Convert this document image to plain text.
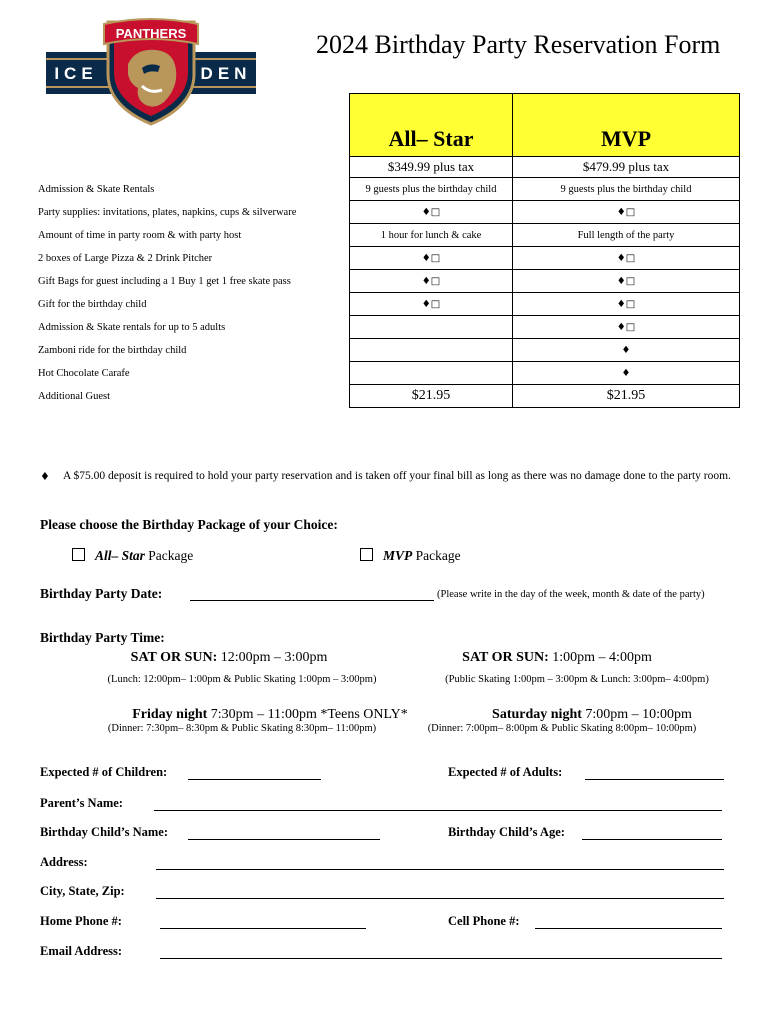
PANTHERS
ICE	DEN
2024 Birthday Party Reservation Form
	All– Star	MVP
	$349.99 plus tax	$479.99 plus tax
Admission & Skate Rentals	9 guests plus the birthday child	9 guests plus the birthday child
Party supplies: invitations, plates, napkins, cups & silverware	♦□	♦□
Amount of time in party room & with party host	1 hour for lunch & cake	Full length of the party
2 boxes of Large Pizza & 2 Drink Pitcher	♦□	♦□
Gift Bags for guest including a 1 Buy 1 get 1 free skate pass	♦□	♦□
Gift for the birthday child	♦□	♦□
Admission & Skate rentals for up to 5 adults		♦□
Zamboni ride for the birthday child		♦
Hot Chocolate Carafe		♦
Additional Guest	$21.95	$21.95
♦ A $75.00 deposit is required to hold your party reservation and is taken off your final bill as long as there was no damage done to the party room.
Please choose the Birthday Package of your Choice:
All– Star Package	MVP Package
Birthday Party Date:	(Please write in the day of the week, month & date of the party)
Birthday Party Time:
SAT OR SUN: 12:00pm – 3:00pm
(Lunch: 12:00pm– 1:00pm & Public Skating 1:00pm – 3:00pm)
SAT OR SUN: 1:00pm – 4:00pm
(Public Skating 1:00pm – 3:00pm & Lunch: 3:00pm– 4:00pm)
Friday night 7:30pm – 11:00pm *Teens ONLY*
(Dinner: 7:30pm– 8:30pm & Public Skating 8:30pm– 11:00pm)
Saturday night 7:00pm – 10:00pm
(Dinner: 7:00pm– 8:00pm & Public Skating 8:00pm– 10:00pm)
Expected # of Children:	Expected # of Adults:
Parent’s Name:
Birthday Child’s Name:	Birthday Child’s Age:
Address:
City, State, Zip:
Home Phone #:	Cell Phone #:
Email Address:
